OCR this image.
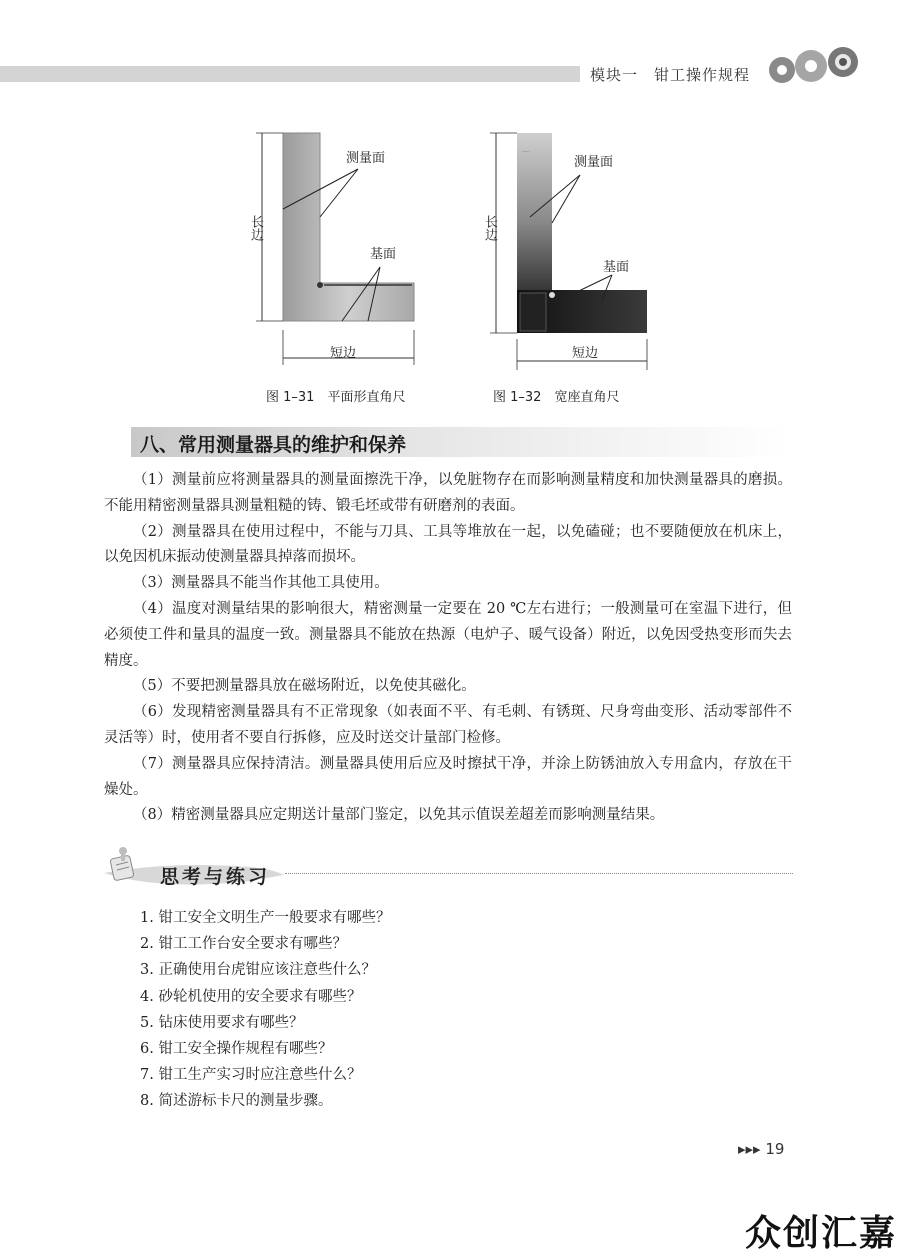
模块一　钳工操作规程
测量面
基面
长边
短边
图 1–31　平面形直角尺
·····
测量面
基面
长边
短边
图 1–32　宽座直角尺
八、常用测量器具的维护和保养

（1）测量前应将测量器具的测量面擦洗干净，以免脏物存在而影响测量精度和加快测量器具的磨损。不能用精密测量器具测量粗糙的铸、锻毛坯或带有研磨剂的表面。

（2）测量器具在使用过程中，不能与刀具、工具等堆放在一起，以免磕碰；也不要随便放在机床上，以免因机床振动使测量器具掉落而损坏。

（3）测量器具不能当作其他工具使用。

（4）温度对测量结果的影响很大，精密测量一定要在 20 ℃左右进行；一般测量可在室温下进行，但必须使工件和量具的温度一致。测量器具不能放在热源（电炉子、暖气设备）附近，以免因受热变形而失去精度。

（5）不要把测量器具放在磁场附近，以免使其磁化。

（6）发现精密测量器具有不正常现象（如表面不平、有毛刺、有锈斑、尺身弯曲变形、活动零部件不灵活等）时，使用者不要自行拆修，应及时送交计量部门检修。

（7）测量器具应保持清洁。测量器具使用后应及时擦拭干净，并涂上防锈油放入专用盒内，存放在干燥处。

（8）精密测量器具应定期送计量部门鉴定，以免其示值误差超差而影响测量结果。

思考与练习
1. 钳工安全文明生产一般要求有哪些？
2. 钳工工作台安全要求有哪些？
3. 正确使用台虎钳应该注意些什么？
4. 砂轮机使用的安全要求有哪些？
5. 钻床使用要求有哪些？
6. 钳工安全操作规程有哪些？
7. 钳工生产实习时应注意些什么？
8. 简述游标卡尺的测量步骤。
▸▸▸ 19
众创汇嘉
